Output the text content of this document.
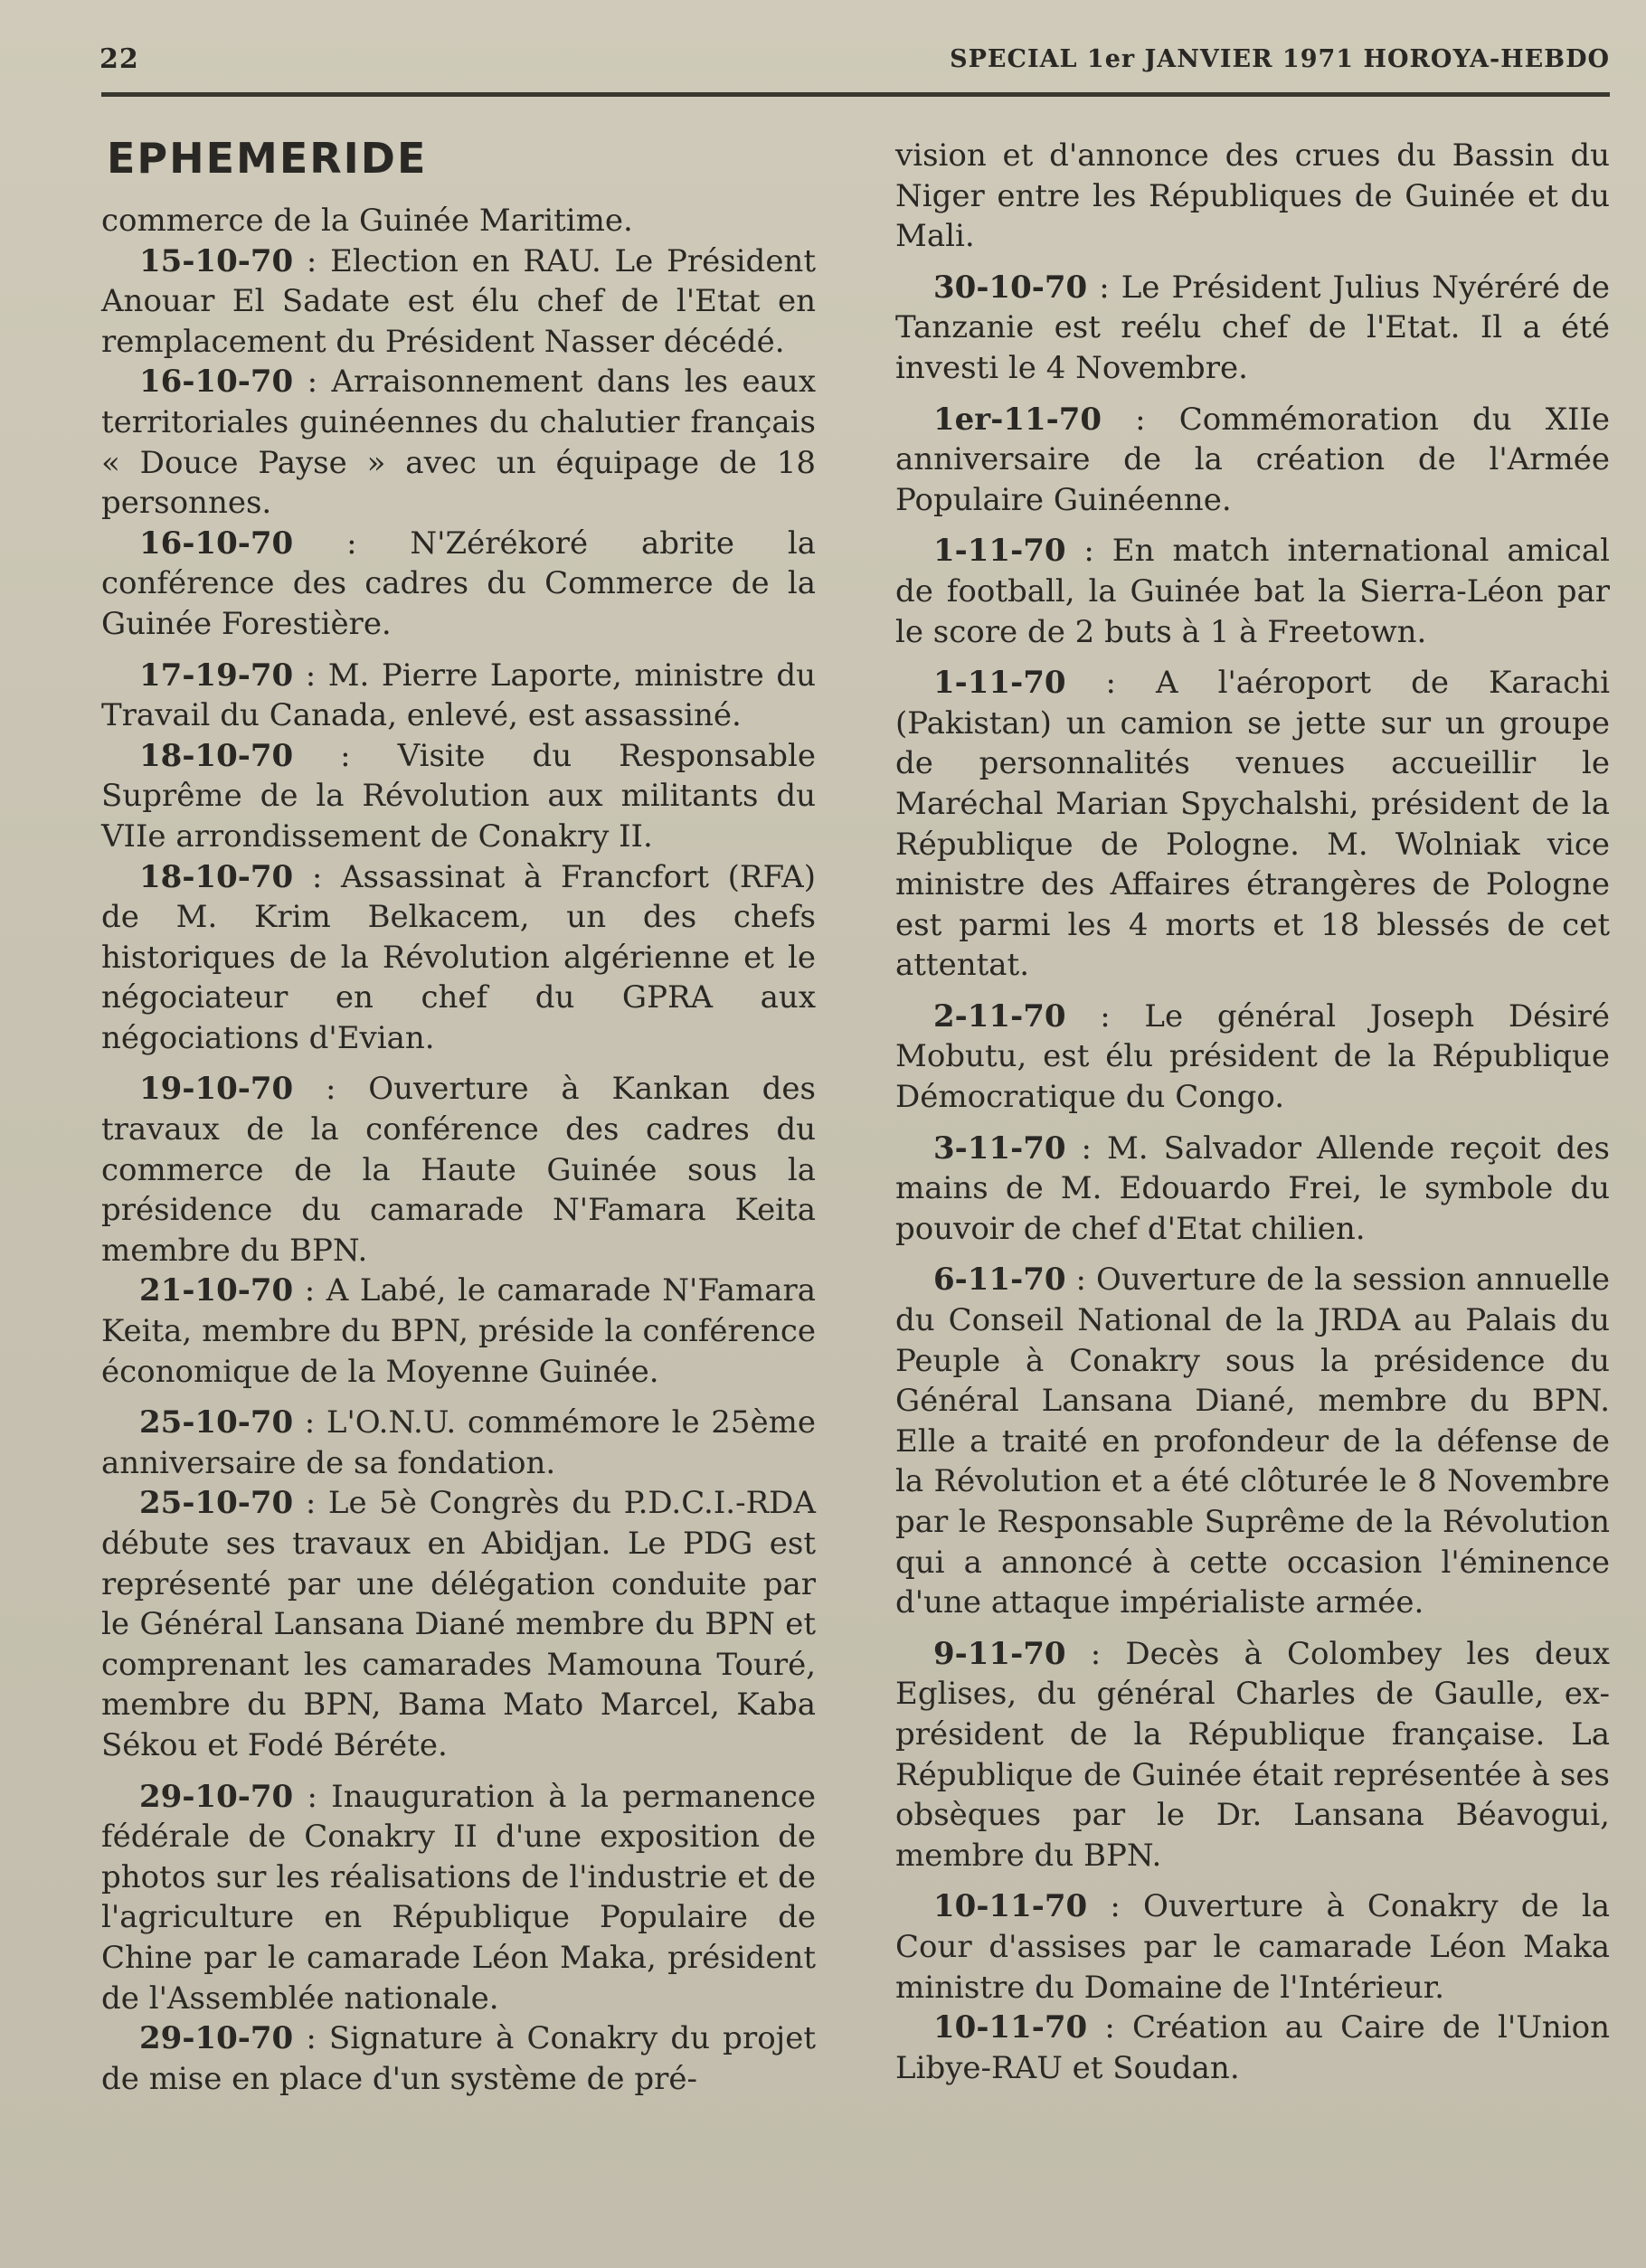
22	SPECIAL 1er JANVIER 1971 HOROYA-HEBDO
EPHEMERIDE

commerce de la Guinée Maritime.

15-10-70 : Election en RAU. Le Président Anouar El Sadate est élu chef de l'Etat en remplacement du Président Nasser décédé.

16-10-70 : Arraisonnement dans les eaux territoriales guinéennes du chalutier français « Douce Payse » avec un équipage de 18 personnes.

16-10-70 : N'Zérékoré abrite la conférence des cadres du Commerce de la Guinée Forestière.

17-19-70 : M. Pierre Laporte, ministre du Travail du Canada, enlevé, est assassiné.

18-10-70 : Visite du Responsable Suprême de la Révolution aux militants du VIIe arrondissement de Conakry II.

18-10-70 : Assassinat à Francfort (RFA) de M. Krim Belkacem, un des chefs historiques de la Révolution algérienne et le négociateur en chef du GPRA aux négociations d'Evian.

19-10-70 : Ouverture à Kankan des travaux de la conférence des cadres du commerce de la Haute Guinée sous la présidence du camarade N'Famara Keita membre du BPN.

21-10-70 : A Labé, le camarade N'Famara Keita, membre du BPN, préside la conférence économique de la Moyenne Guinée.

25-10-70 : L'O.N.U. commémore le 25ème anniversaire de sa fondation.

25-10-70 : Le 5è Congrès du P.D.C.I.-RDA débute ses travaux en Abidjan. Le PDG est représenté par une délégation conduite par le Général Lansana Diané membre du BPN et comprenant les camarades Mamouna Touré, membre du BPN, Bama Mato Marcel, Kaba Sékou et Fodé Béréte.

29-10-70 : Inauguration à la permanence fédérale de Conakry II d'une exposition de photos sur les réalisations de l'industrie et de l'agriculture en République Populaire de Chine par le camarade Léon Maka, président de l'Assemblée nationale.

29-10-70 : Signature à Conakry du projet de mise en place d'un système de pré-

vision et d'annonce des crues du Bassin du Niger entre les Républiques de Guinée et du Mali.

30-10-70 : Le Président Julius Nyéréré de Tanzanie est reélu chef de l'Etat. Il a été investi le 4 Novembre.

1er-11-70 : Commémoration du XIIe anniversaire de la création de l'Armée Populaire Guinéenne.

1-11-70 : En match international amical de football, la Guinée bat la Sierra-Léon par le score de 2 buts à 1 à Freetown.

1-11-70 : A l'aéroport de Karachi (Pakistan) un camion se jette sur un groupe de personnalités venues accueillir le Maréchal Marian Spychalshi, président de la République de Pologne. M. Wolniak vice ministre des Affaires étrangères de Pologne est parmi les 4 morts et 18 blessés de cet attentat.

2-11-70 : Le général Joseph Désiré Mobutu, est élu président de la République Démocratique du Congo.

3-11-70 : M. Salvador Allende reçoit des mains de M. Edouardo Frei, le symbole du pouvoir de chef d'Etat chilien.

6-11-70 : Ouverture de la session annuelle du Conseil National de la JRDA au Palais du Peuple à Conakry sous la présidence du Général Lansana Diané, membre du BPN. Elle a traité en profondeur de la défense de la Révolution et a été clôturée le 8 Novembre par le Responsable Suprême de la Révolution qui a annoncé à cette occasion l'éminence d'une attaque impérialiste armée.

9-11-70 : Decès à Colombey les deux Eglises, du général Charles de Gaulle, ex-président de la République française. La République de Guinée était représentée à ses obsèques par le Dr. Lansana Béavogui, membre du BPN.

10-11-70 : Ouverture à Conakry de la Cour d'assises par le camarade Léon Maka ministre du Domaine de l'Intérieur.

10-11-70 : Création au Caire de l'Union Libye-RAU et Soudan.
